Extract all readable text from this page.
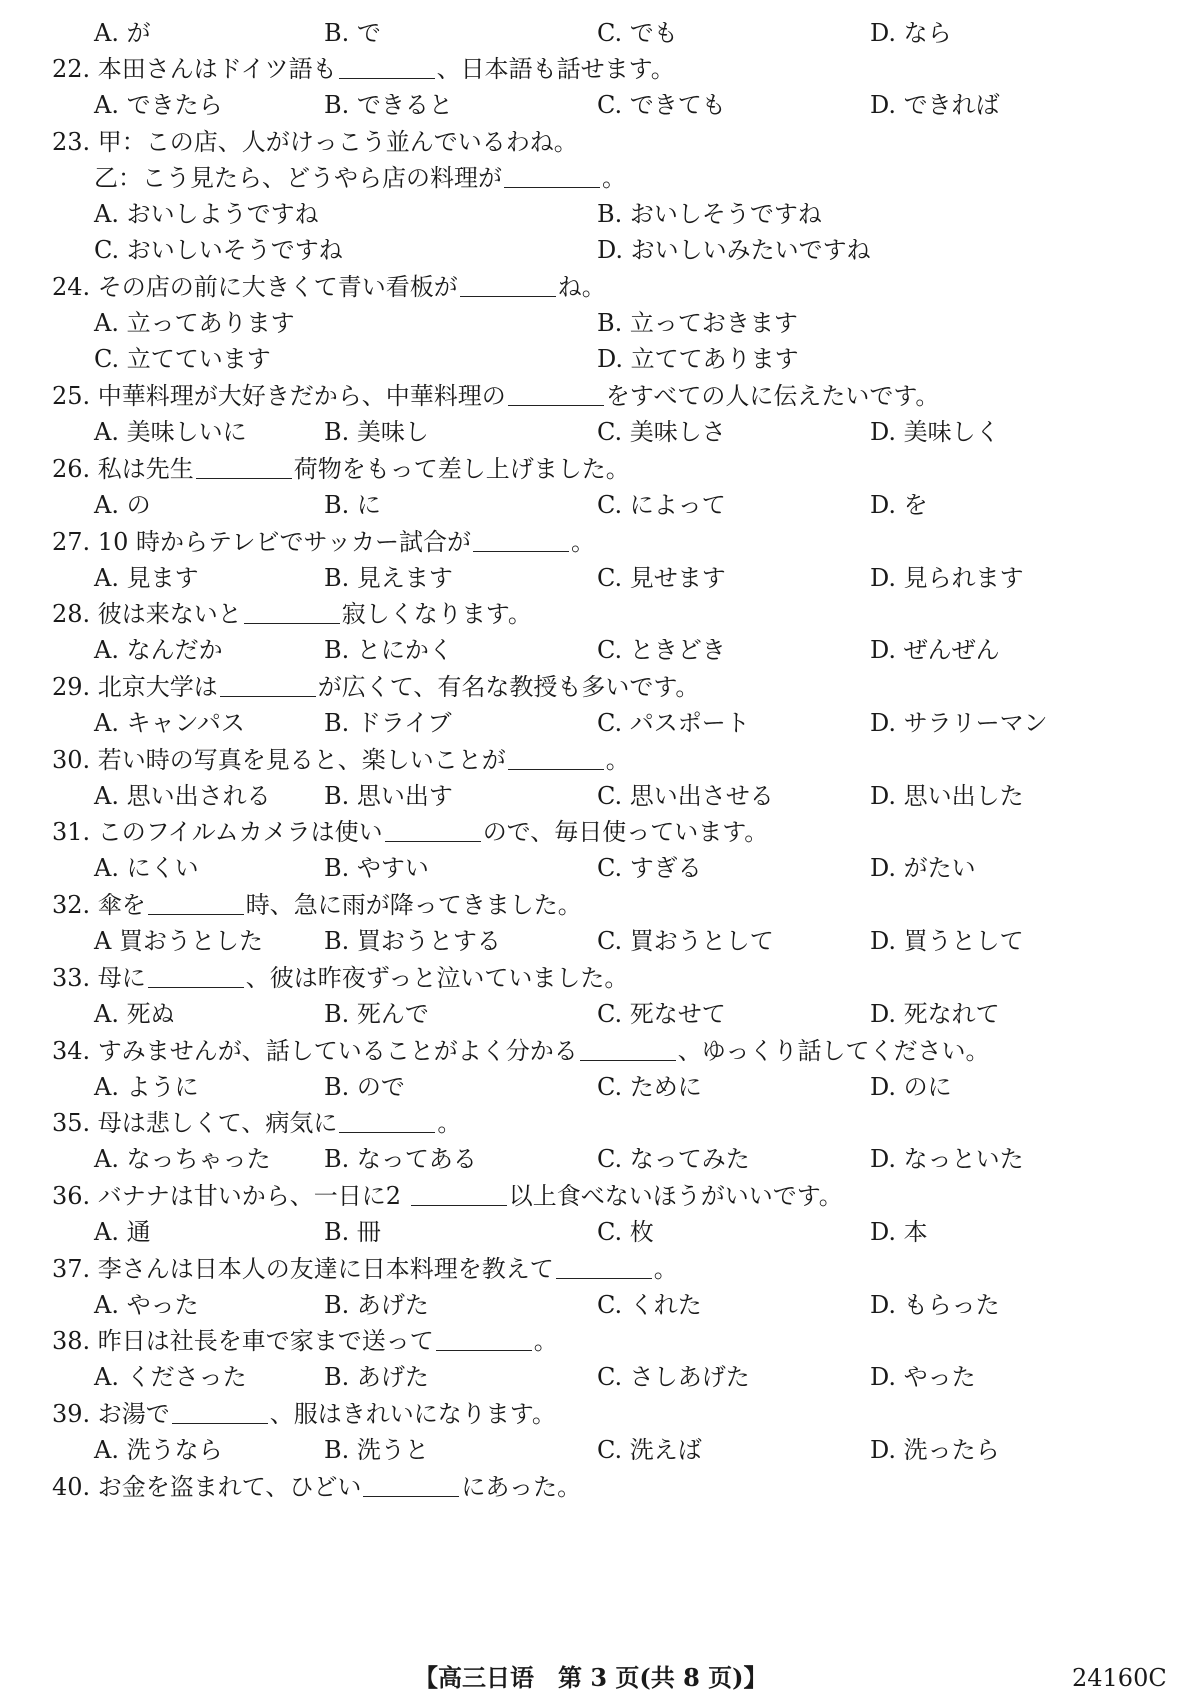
A. が	B. で	C. でも	D. なら
22. 本田さんはドイツ語も	、日本語も話せます。
A. できたら	B. できると	C. できても	D. できれば
23. 甲：この店、人がけっこう並んでいるわね。
乙：こう見たら、どうやら店の料理が	。
A. おいしようですね	B. おいしそうですね
C. おいしいそうですね	D. おいしいみたいですね
24. その店の前に大きくて青い看板が	ね。
A. 立ってあります	B. 立っておきます
C. 立てています	D. 立ててあります
25. 中華料理が大好きだから、中華料理の	をすべての人に伝えたいです。
A. 美味しいに	B. 美味し	C. 美味しさ	D. 美味しく
26. 私は先生	荷物をもって差し上げました。
A. の	B. に	C. によって	D. を
27. 10 時からテレビでサッカー試合が	。
A. 見ます	B. 見えます	C. 見せます	D. 見られます
28. 彼は来ないと	寂しくなります。
A. なんだか	B. とにかく	C. ときどき	D. ぜんぜん
29. 北京大学は	が広くて、有名な教授も多いです。
A. キャンパス	B. ドライブ	C. パスポート	D. サラリーマン
30. 若い時の写真を見ると、楽しいことが	。
A. 思い出される B. 思い出す	C. 思い出させる	D. 思い出した
31. このフイルムカメラは使い	ので、毎日使っています。
A. にくい	B. やすい	C. すぎる	D. がたい
32. 傘を	時、急に雨が降ってきました。
A 買おうとした	B. 買おうとする	C. 買おうとして	D. 買うとして
33. 母に	、彼は昨夜ずっと泣いていました。
A. 死ぬ	B. 死んで	C. 死なせて	D. 死なれて
34. すみませんが、話していることがよく分かる	、ゆっくり話してください。
A. ように	B. ので	C. ために	D. のに
35. 母は悲しくて、病気に	。
A. なっちゃった B. なってある	C. なってみた	D. なっといた
36. バナナは甘いから、一日に2	以上食べないほうがいいです。
A. 通	B. 冊	C. 枚	D. 本
37. 李さんは日本人の友達に日本料理を教えて	。
A. やった	B. あげた	C. くれた	D. もらった
38. 昨日は社長を車で家まで送って	。
A. くださった	B. あげた	C. さしあげた	D. やった
39. お湯で	、服はきれいになります。
A. 洗うなら	B. 洗うと	C. 洗えば	D. 洗ったら
40. お金を盗まれて、ひどい	にあった。
【高三日语　第 3 页(共 8 页)】	24160C
